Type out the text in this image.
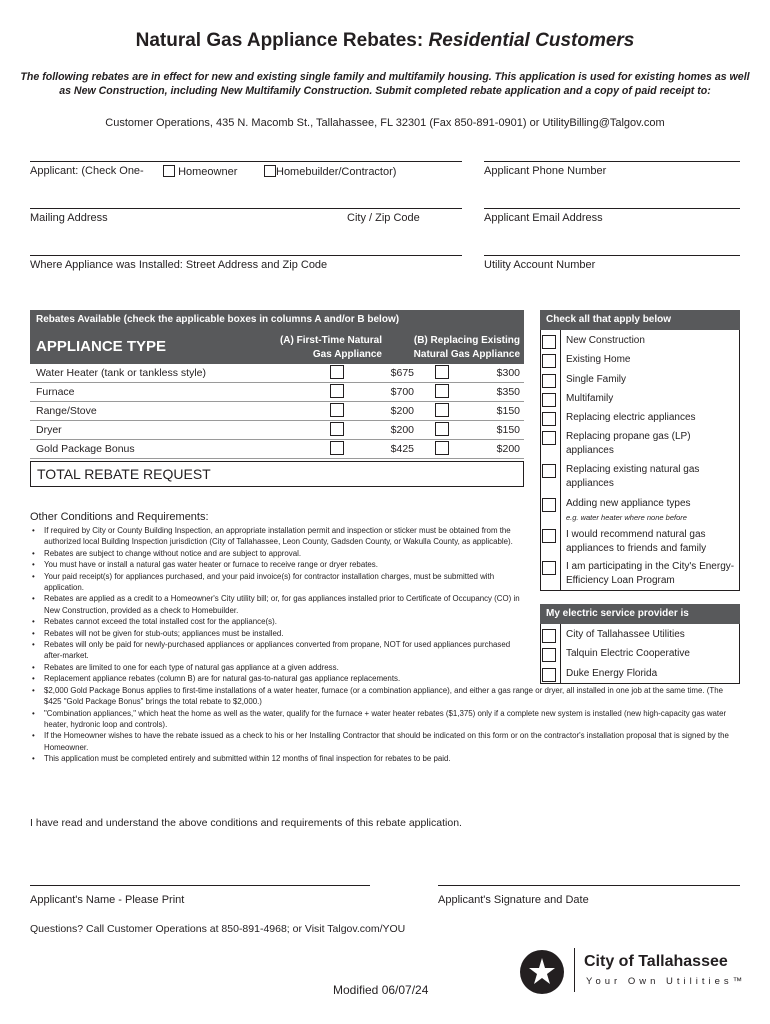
Natural Gas Appliance Rebates: Residential Customers
The following rebates are in effect for new and existing single family and multifamily housing. This application is used for existing homes as well as New Construction, including New Multifamily Construction. Submit completed rebate application and a copy of paid receipt to:
Customer Operations, 435 N. Macomb St., Tallahassee, FL 32301 (Fax 850-891-0901) or UtilityBilling@Talgov.com
Applicant: (Check One-	Homeowner	Homebuilder/Contractor)	Applicant Phone Number
Mailing Address	City / Zip Code	Applicant Email Address
Where Appliance was Installed: Street Address and Zip Code	Utility Account Number
Rebates Available (check the applicable boxes in columns A and/or B below)
APPLIANCE TYPE	(A) First-Time Natural
Gas Appliance
(B) Replacing Existing
Natural Gas Appliance
Water Heater (tank or tankless style)	$675	$300
Furnace	$700	$350
Range/Stove	$200	$150
Dryer	$200	$150
Gold Package Bonus	$425	$200
TOTAL REBATE REQUEST
Check all that apply below
New Construction
Existing Home
Single Family
Multifamily
Replacing electric appliances
Replacing propane gas (LP) appliances
Replacing existing natural gas appliances
Adding new appliance types
e.g. water heater where none before
I would recommend natural gas appliances to friends and family
I am participating in the City's Energy-Efficiency Loan Program
My electric service provider is
City of Tallahassee Utilities
Talquin Electric Cooperative
Duke Energy Florida
Other Conditions and Requirements:
• If required by City or County Building Inspection, an appropriate installation permit and inspection or sticker must be obtained from the authorized local Building Inspection jurisdiction (City of Tallahassee, Leon County, Gadsden County, or Wakulla County, as applicable).
• Rebates are subject to change without notice and are subject to approval.
• You must have or install a natural gas water heater or furnace to receive range or dryer rebates.
• Your paid receipt(s) for appliances purchased, and your paid invoice(s) for contractor installation charges, must be submitted with application.
• Rebates are applied as a credit to a Homeowner's City utility bill; or, for gas appliances installed prior to Certificate of Occupancy (CO) in New Construction, provided as a check to Homebuilder.
• Rebates cannot exceed the total installed cost for the appliance(s).
• Rebates will not be given for stub-outs; appliances must be installed.
• Rebates will only be paid for newly-purchased appliances or appliances converted from propane, NOT for used appliances purchased after-market.
• Rebates are limited to one for each type of natural gas appliance at a given address.
• Replacement appliance rebates (column B) are for natural gas-to-natural gas appliance replacements.
• $2,000 Gold Package Bonus applies to first-time installations of a water heater, furnace (or a combination appliance), and either a gas range or dryer, all installed in one job at the same time. (The $425 "Gold Package Bonus" brings the total rebate to $2,000.)
• "Combination appliances," which heat the home as well as the water, qualify for the furnace + water heater rebates ($1,375) only if a complete new system is installed (new high-capacity gas water heater, hydronic loop and controls).
• If the Homeowner wishes to have the rebate issued as a check to his or her Installing Contractor that should be indicated on this form or on the contractor's installation proposal that is signed by the Homeowner.
• This application must be completed entirely and submitted within 12 months of final inspection for rebates to be paid.
I have read and understand the above conditions and requirements of this rebate application.
Applicant's Name - Please Print	Applicant's Signature and Date
Questions? Call Customer Operations at 850-891-4968; or Visit Talgov.com/YOU
Modified 06/07/24
City of Tallahassee
Your Own Utilities™
